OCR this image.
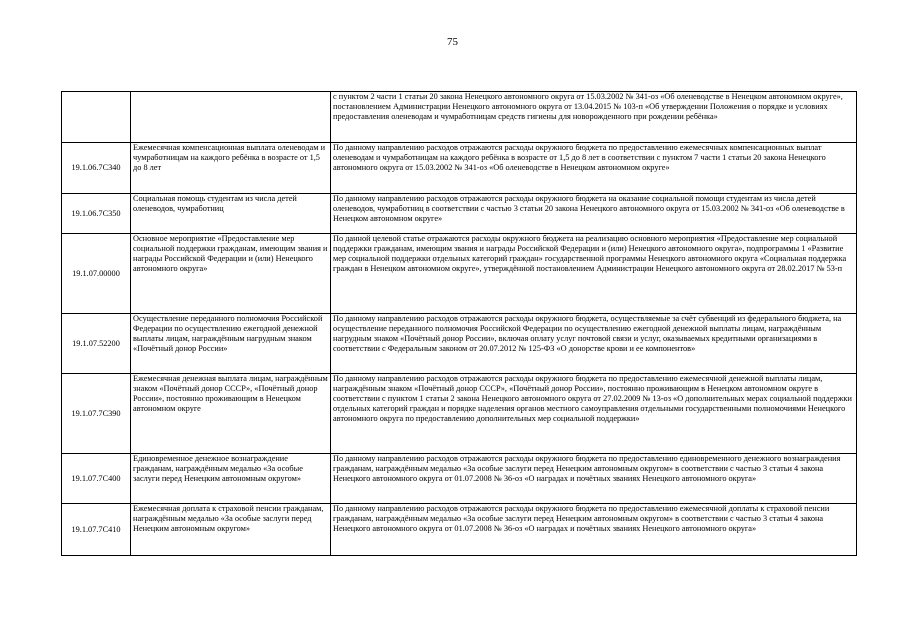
75
		с пунктом 2 части 1 статьи 20 закона Ненецкого автономного округа от 15.03.2002 № 341-оз «Об оленеводстве в Ненецком автономном округе», постановлением Администрации Ненецкого автономного округа от 13.04.2015 № 103-п «Об утверждении Положения о порядке и условиях предоставления оленеводам и чумработницам средств гигиены для новорожденного при рождении ребёнка»
19.1.06.7С340	Ежемесячная компенсационная выплата оленеводам и чумработницам на каждого ребёнка в возрасте от 1,5 до 8 лет	По данному направлению расходов отражаются расходы окружного бюджета по предоставлению ежемесячных компенсационных выплат оленеводам и чумработницам на каждого ребёнка в возрасте от 1,5 до 8 лет в соответствии с пунктом 7 части 1 статьи 20 закона Ненецкого автономного округа от 15.03.2002 № 341-оз «Об оленеводстве в Ненецком автономном округе»
19.1.06.7С350	Социальная помощь студентам из числа детей оленеводов, чумработниц	По данному направлению расходов отражаются расходы окружного бюджета на оказание социальной помощи студентам из числа детей оленеводов, чумработниц в соответствии с частью 3 статьи 20 закона Ненецкого автономного округа от 15.03.2002 № 341-оз «Об оленеводстве в Ненецком автономном округе»
19.1.07.00000	Основное мероприятие «Предоставление мер социальной поддержки гражданам, имеющим звания и награды Российской Федерации и (или) Ненецкого автономного округа»	По данной целевой статье отражаются расходы окружного бюджета на реализацию основного мероприятия «Предоставление мер социальной поддержки гражданам, имеющим звания и награды Российской Федерации и (или) Ненецкого автономного округа», подпрограммы 1 «Развитие мер социальной поддержки отдельных категорий граждан» государственной программы Ненецкого автономного округа «Социальная поддержка граждан в Ненецком автономном округе», утверждённой постановлением Администрации Ненецкого автономного округа от 28.02.2017 № 53-п
19.1.07.52200	Осуществление переданного полномочия Российской Федерации по осуществлению ежегодной денежной выплаты лицам, награждённым нагрудным знаком «Почётный донор России»	По данному направлению расходов отражаются расходы окружного бюджета, осуществляемые за счёт субвенций из федерального бюджета, на осуществление переданного полномочия Российской Федерации по осуществлению ежегодной денежной выплаты лицам, награждённым нагрудным знаком «Почётный донор России», включая оплату услуг почтовой связи и услуг, оказываемых кредитными организациями в соответствии с Федеральным законом от 20.07.2012 № 125-ФЗ «О донорстве крови и ее компонентов»
19.1.07.7С390	Ежемесячная денежная выплата лицам, награждённым знаком «Почётный донор СССР», «Почётный донор России», постоянно проживающим в Ненецком автономном округе	По данному направлению расходов отражаются расходы окружного бюджета по предоставлению ежемесячной денежной выплаты лицам, награждённым знаком «Почётный донор СССР», «Почётный донор России», постоянно проживающим в Ненецком автономном округе в соответствии с пунктом 1 статьи 2 закона Ненецкого автономного округа от 27.02.2009 № 13-оз «О дополнительных мерах социальной поддержки отдельных категорий граждан и порядке наделения органов местного самоуправления отдельными государственными полномочиями Ненецкого автономного округа по предоставлению дополнительных мер социальной поддержки»
19.1.07.7С400	Единовременное денежное вознаграждение гражданам, награждённым медалью «За особые заслуги перед Ненецким автономным округом»	По данному направлению расходов отражаются расходы окружного бюджета по предоставлению единовременного денежного вознаграждения гражданам, награждённым медалью «За особые заслуги перед Ненецким автономным округом» в соответствии с частью 3 статьи 4 закона Ненецкого автономного округа от 01.07.2008 № 36-оз «О наградах и почётных званиях Ненецкого автономного округа»
19.1.07.7С410	Ежемесячная доплата к страховой пенсии гражданам, награждённым медалью «За особые заслуги перед Ненецким автономным округом»	По данному направлению расходов отражаются расходы окружного бюджета по предоставлению ежемесячной доплаты к страховой пенсии гражданам, награждённым медалью «За особые заслуги перед Ненецким автономным округом» в соответствии с частью 3 статьи 4 закона Ненецкого автономного округа от 01.07.2008 № 36-оз «О наградах и почётных званиях Ненецкого автономного округа»
